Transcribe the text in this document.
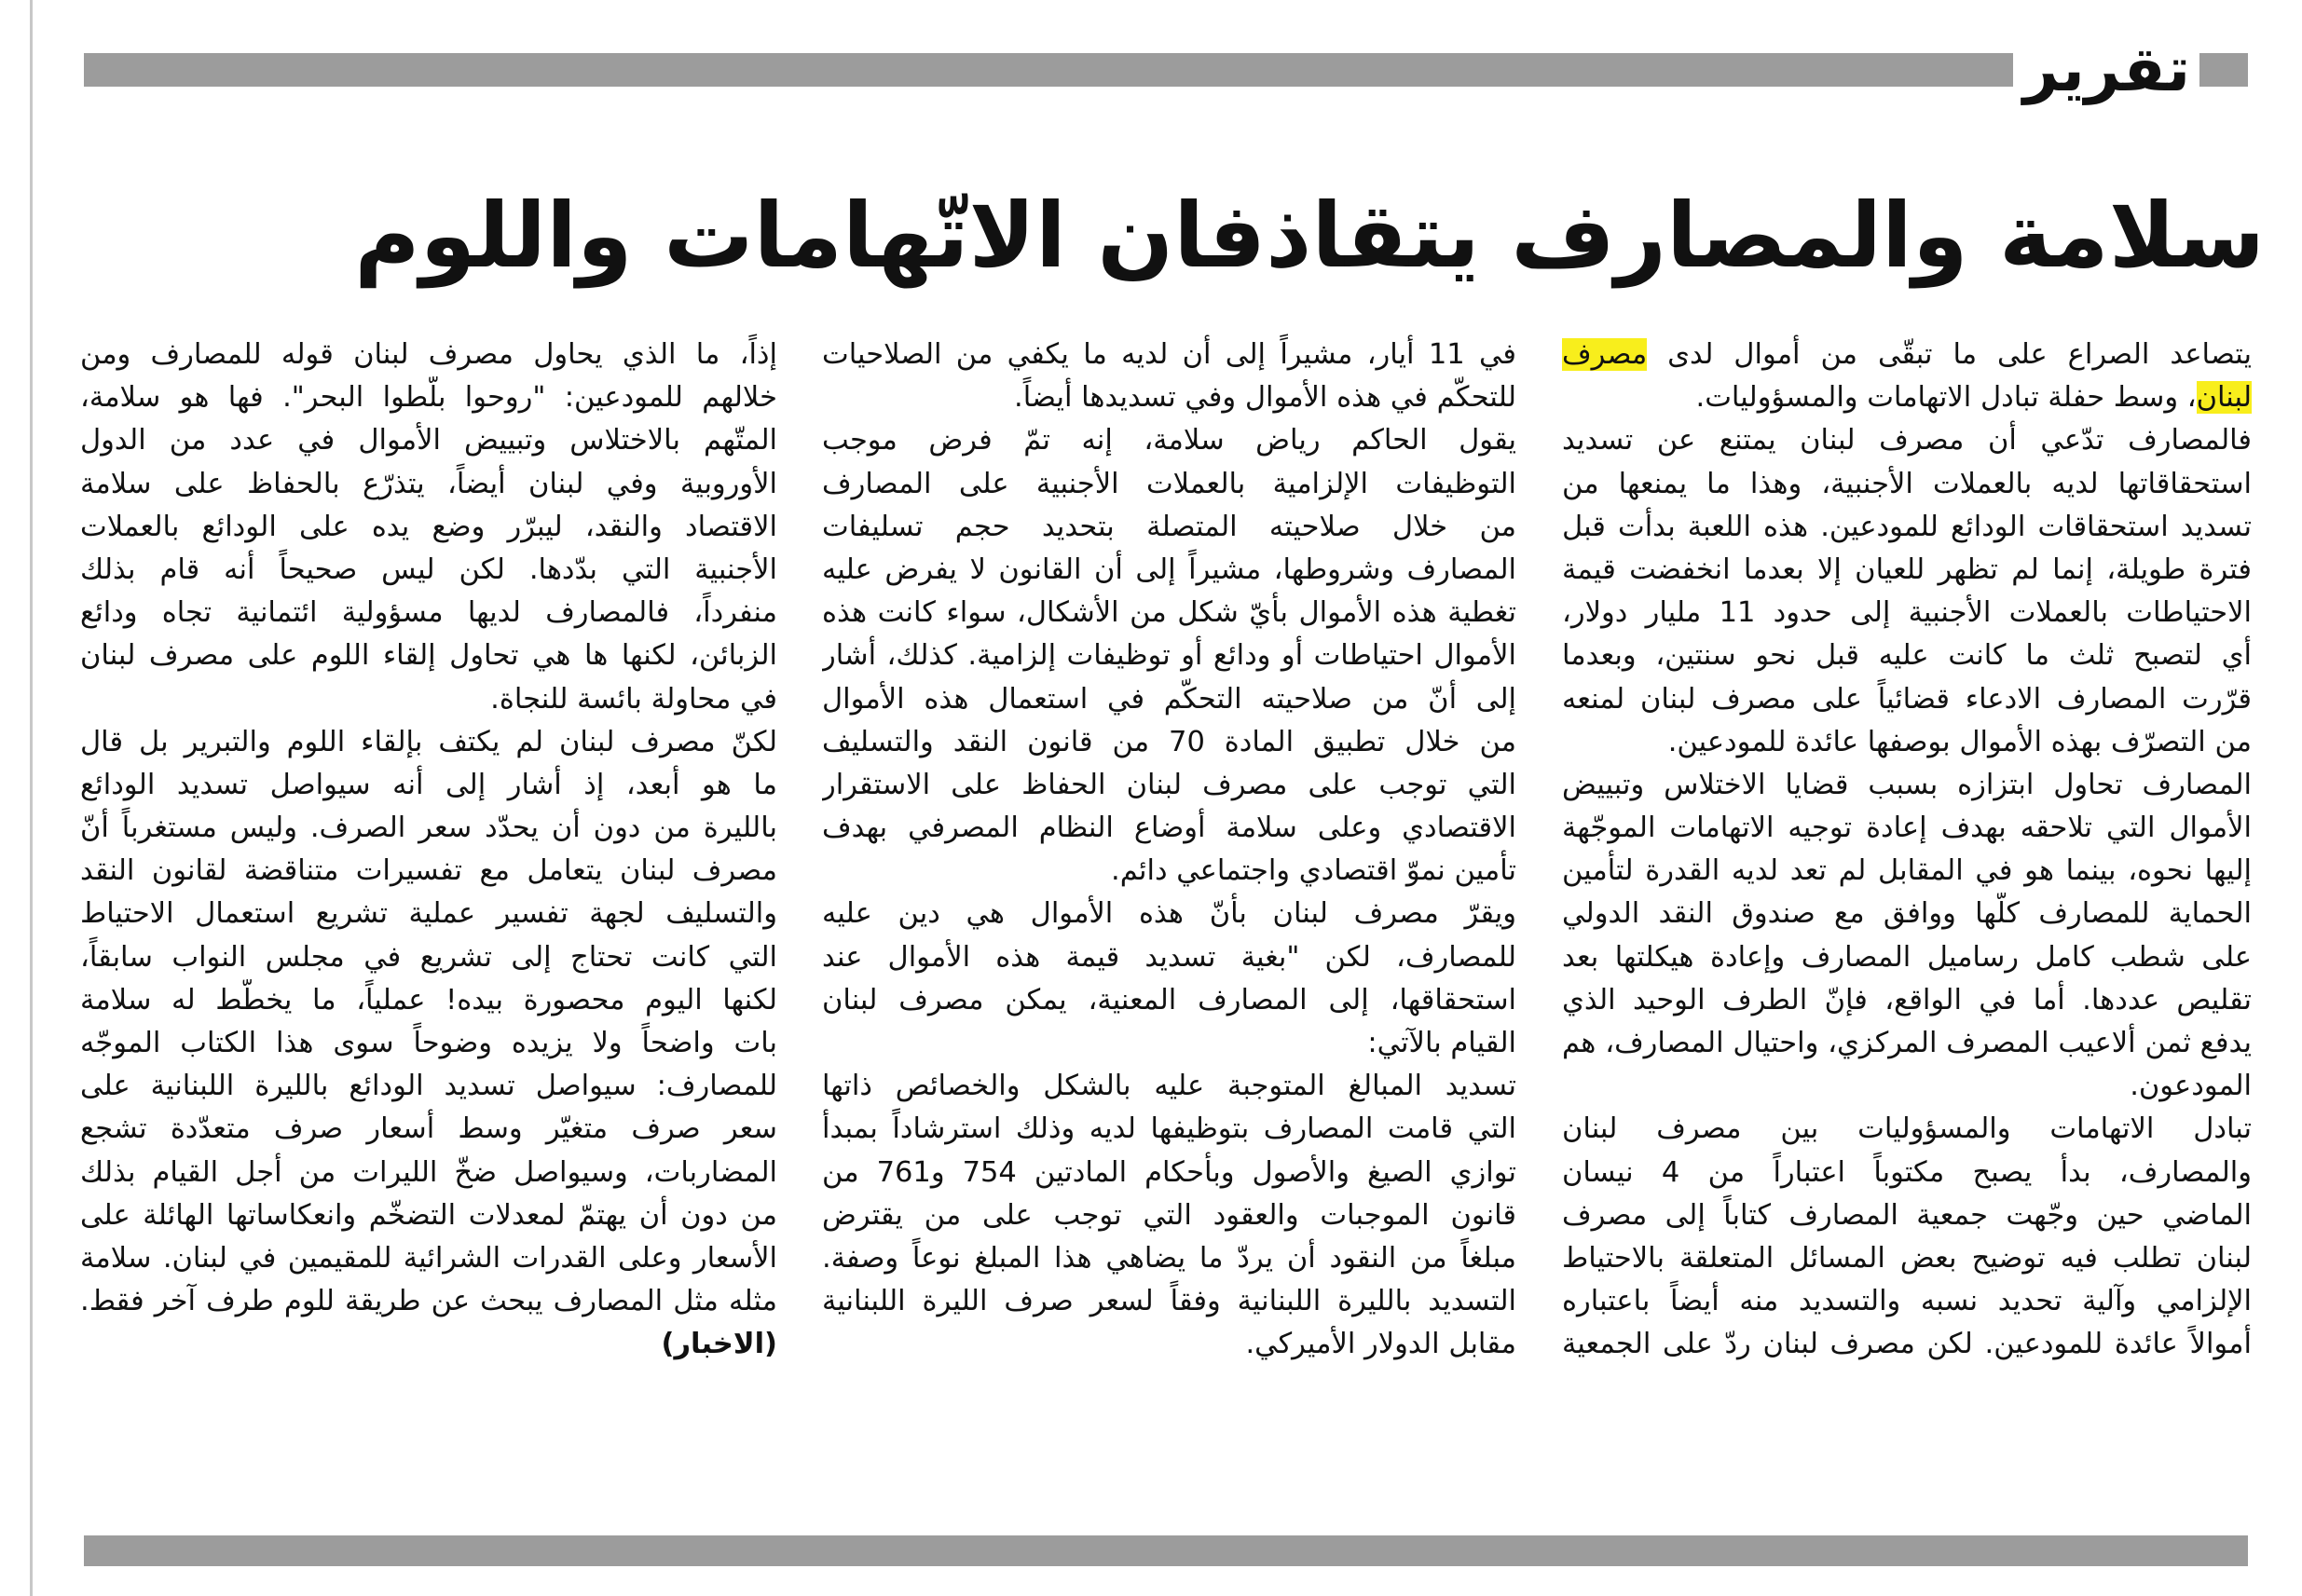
تقرير
سلامة والمصارف يتقاذفان الاتّهامات واللوم
يتصاعد الصراع على ما تبقّى من أموال لدى مصرف
لبنان، وسط حفلة تبادل الاتهامات والمسؤوليات.
فالمصارف تدّعي أن مصرف لبنان يمتنع عن تسديد
استحقاقاتها لديه بالعملات الأجنبية، وهذا ما يمنعها من
تسديد استحقاقات الودائع للمودعين. هذه اللعبة بدأت قبل
فترة طويلة، إنما لم تظهر للعيان إلا بعدما انخفضت قيمة
الاحتياطات بالعملات الأجنبية إلى حدود 11 مليار دولار،
أي لتصبح ثلث ما كانت عليه قبل نحو سنتين، وبعدما
قرّرت المصارف الادعاء قضائياً على مصرف لبنان لمنعه
من التصرّف بهذه الأموال بوصفها عائدة للمودعين.
المصارف تحاول ابتزازه بسبب قضايا الاختلاس وتبييض
الأموال التي تلاحقه بهدف إعادة توجيه الاتهامات الموجّهة
إليها نحوه، بينما هو في المقابل لم تعد لديه القدرة لتأمين
الحماية للمصارف كلّها ووافق مع صندوق النقد الدولي
على شطب كامل رساميل المصارف وإعادة هيكلتها بعد
تقليص عددها. أما في الواقع، فإنّ الطرف الوحيد الذي
يدفع ثمن ألاعيب المصرف المركزي، واحتيال المصارف، هم
المودعون.
تبادل الاتهامات والمسؤوليات بين مصرف لبنان
والمصارف، بدأ يصبح مكتوباً اعتباراً من 4 نيسان
الماضي حين وجّهت جمعية المصارف كتاباً إلى مصرف
لبنان تطلب فيه توضيح بعض المسائل المتعلقة بالاحتياط
الإلزامي وآلية تحديد نسبه والتسديد منه أيضاً باعتباره
أموالاً عائدة للمودعين. لكن مصرف لبنان ردّ على الجمعية
في 11 أيار، مشيراً إلى أن لديه ما يكفي من الصلاحيات
للتحكّم في هذه الأموال وفي تسديدها أيضاً.
يقول الحاكم رياض سلامة، إنه تمّ فرض موجب
التوظيفات الإلزامية بالعملات الأجنبية على المصارف
من خلال صلاحيته المتصلة بتحديد حجم تسليفات
المصارف وشروطها، مشيراً إلى أن القانون لا يفرض عليه
تغطية هذه الأموال بأيّ شكل من الأشكال، سواء كانت هذه
الأموال احتياطات أو ودائع أو توظيفات إلزامية. كذلك، أشار
إلى أنّ من صلاحيته التحكّم في استعمال هذه الأموال
من خلال تطبيق المادة 70 من قانون النقد والتسليف
التي توجب على مصرف لبنان الحفاظ على الاستقرار
الاقتصادي وعلى سلامة أوضاع النظام المصرفي بهدف
تأمين نموّ اقتصادي واجتماعي دائم.
ويقرّ مصرف لبنان بأنّ هذه الأموال هي دين عليه
للمصارف، لكن "بغية تسديد قيمة هذه الأموال عند
استحقاقها، إلى المصارف المعنية، يمكن مصرف لبنان
القيام بالآتي:
تسديد المبالغ المتوجبة عليه بالشكل والخصائص ذاتها
التي قامت المصارف بتوظيفها لديه وذلك استرشاداً بمبدأ
توازي الصيغ والأصول وبأحكام المادتين 754 و761 من
قانون الموجبات والعقود التي توجب على من يقترض
مبلغاً من النقود أن يردّ ما يضاهي هذا المبلغ نوعاً وصفة.
التسديد بالليرة اللبنانية وفقاً لسعر صرف الليرة اللبنانية
مقابل الدولار الأميركي.
إذاً، ما الذي يحاول مصرف لبنان قوله للمصارف ومن
خلالهم للمودعين: "روحوا بلّطوا البحر". فها هو سلامة،
المتّهم بالاختلاس وتبييض الأموال في عدد من الدول
الأوروبية وفي لبنان أيضاً، يتذرّع بالحفاظ على سلامة
الاقتصاد والنقد، ليبرّر وضع يده على الودائع بالعملات
الأجنبية التي بدّدها. لكن ليس صحيحاً أنه قام بذلك
منفرداً، فالمصارف لديها مسؤولية ائتمانية تجاه ودائع
الزبائن، لكنها ها هي تحاول إلقاء اللوم على مصرف لبنان
في محاولة بائسة للنجاة.
لكنّ مصرف لبنان لم يكتف بإلقاء اللوم والتبرير بل قال
ما هو أبعد، إذ أشار إلى أنه سيواصل تسديد الودائع
بالليرة من دون أن يحدّد سعر الصرف. وليس مستغرباً أنّ
مصرف لبنان يتعامل مع تفسيرات متناقضة لقانون النقد
والتسليف لجهة تفسير عملية تشريع استعمال الاحتياط
التي كانت تحتاج إلى تشريع في مجلس النواب سابقاً،
لكنها اليوم محصورة بيده! عملياً، ما يخطّط له سلامة
بات واضحاً ولا يزيده وضوحاً سوى هذا الكتاب الموجّه
للمصارف: سيواصل تسديد الودائع بالليرة اللبنانية على
سعر صرف متغيّر وسط أسعار صرف متعدّدة تشجع
المضاربات، وسيواصل ضخّ الليرات من أجل القيام بذلك
من دون أن يهتمّ لمعدلات التضخّم وانعكاساتها الهائلة على
الأسعار وعلى القدرات الشرائية للمقيمين في لبنان. سلامة
مثله مثل المصارف يبحث عن طريقة للوم طرف آخر فقط.
(الاخبار)
